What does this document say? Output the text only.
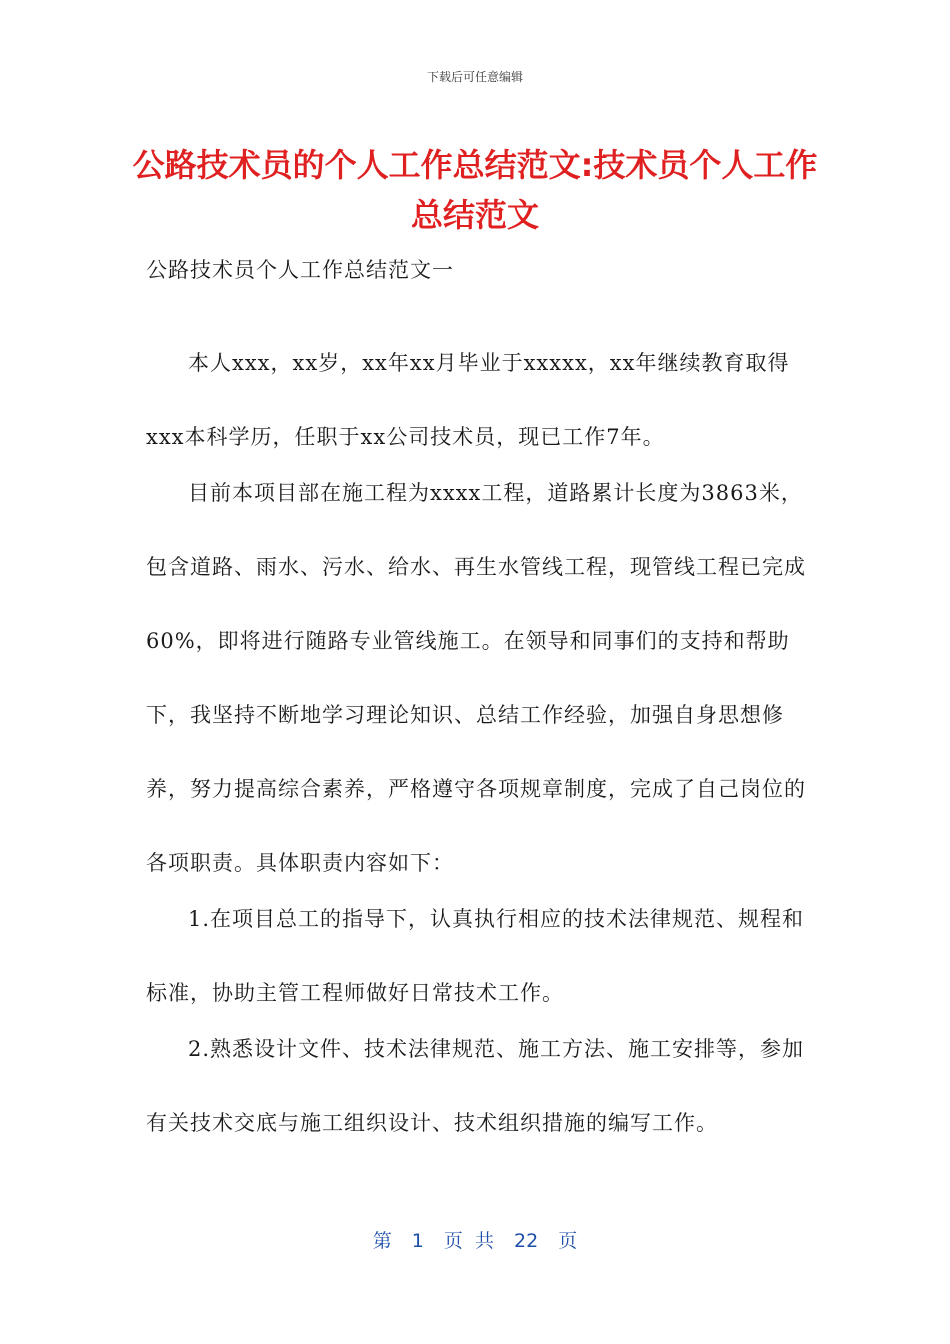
下载后可任意编辑
公路技术员的个人工作总结范文:技术员个人工作总结范文

公路技术员个人工作总结范文一

本人xxx，xx岁，xx年xx月毕业于xxxxx，xx年继续教育取得xxx本科学历，任职于xx公司技术员，现已工作7年。

目前本项目部在施工程为xxxx工程，道路累计长度为3863米，包含道路、雨水、污水、给水、再生水管线工程，现管线工程已完成60%，即将进行随路专业管线施工。在领导和同事们的支持和帮助下，我坚持不断地学习理论知识、总结工作经验，加强自身思想修养，努力提高综合素养，严格遵守各项规章制度，完成了自己岗位的各项职责。具体职责内容如下：

1.在项目总工的指导下，认真执行相应的技术法律规范、规程和标准，协助主管工程师做好日常技术工作。

2.熟悉设计文件、技术法律规范、施工方法、施工安排等，参加有关技术交底与施工组织设计、技术组织措施的编写工作。

第 1 页 共 22 页
